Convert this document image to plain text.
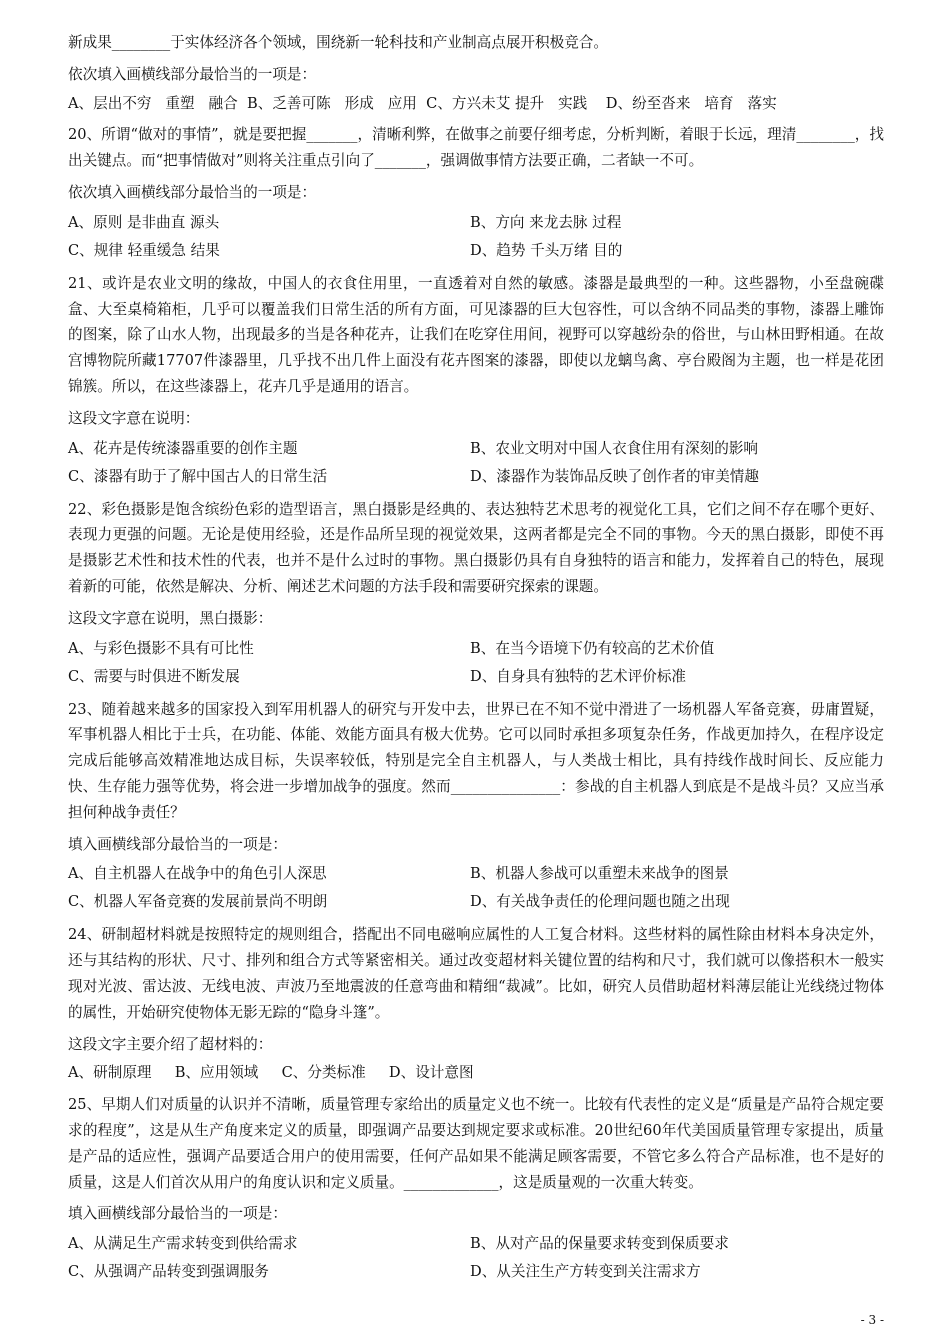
新成果________于实体经济各个领域，围绕新一轮科技和产业制高点展开积极竞合。

依次填入画横线部分最恰当的一项是：

A、层出不穷   重塑   融合  B、乏善可陈   形成   应用  C、方兴未艾 提升   实践    D、纷至沓来   培育   落实

20、所谓“做对的事情”，就是要把握_______，清晰利弊，在做事之前要仔细考虑，分析判断，着眼于长远，理清________，找出关键点。而“把事情做对”则将关注重点引向了_______，强调做事情方法要正确，二者缺一不可。

依次填入画横线部分最恰当的一项是：

A、原则 是非曲直 源头	B、方向 来龙去脉 过程
C、规律 轻重缓急 结果	D、趋势 千头万绪 目的

21、或许是农业文明的缘故，中国人的衣食住用里，一直透着对自然的敏感。漆器是最典型的一种。这些器物，小至盘碗碟盒、大至桌椅箱柜，几乎可以覆盖我们日常生活的所有方面，可见漆器的巨大包容性，可以含纳不同品类的事物，漆器上雕饰的图案，除了山水人物，出现最多的当是各种花卉，让我们在吃穿住用间，视野可以穿越纷杂的俗世，与山林田野相通。在故宫博物院所藏17707件漆器里，几乎找不出几件上面没有花卉图案的漆器，即使以龙螭鸟禽、亭台殿阁为主题，也一样是花团锦簇。所以，在这些漆器上，花卉几乎是通用的语言。

这段文字意在说明：

A、花卉是传统漆器重要的创作主题	B、农业文明对中国人衣食住用有深刻的影响
C、漆器有助于了解中国古人的日常生活	D、漆器作为装饰品反映了创作者的审美情趣

22、彩色摄影是饱含缤纷色彩的造型语言，黑白摄影是经典的、表达独特艺术思考的视觉化工具，它们之间不存在哪个更好、表现力更强的问题。无论是使用经验，还是作品所呈现的视觉效果，这两者都是完全不同的事物。今天的黑白摄影，即使不再是摄影艺术性和技术性的代表，也并不是什么过时的事物。黑白摄影仍具有自身独特的语言和能力，发挥着自己的特色，展现着新的可能，依然是解决、分析、阐述艺术问题的方法手段和需要研究探索的课题。

这段文字意在说明，黑白摄影：

A、与彩色摄影不具有可比性	B、在当今语境下仍有较高的艺术价值
C、需要与时俱进不断发展	D、自身具有独特的艺术评价标准

23、随着越来越多的国家投入到军用机器人的研究与开发中去，世界已在不知不觉中滑进了一场机器人军备竞赛，毋庸置疑，军事机器人相比于士兵，在功能、体能、效能方面具有极大优势。它可以同时承担多项复杂任务，作战更加持久，在程序设定完成后能够高效精准地达成目标，失误率较低，特别是完全自主机器人，与人类战士相比，具有持线作战时间长、反应能力快、生存能力强等优势，将会进一步增加战争的强度。然而_______________：参战的自主机器人到底是不是战斗员？又应当承担何种战争责任？

填入画横线部分最恰当的一项是：

A、自主机器人在战争中的角色引人深思	B、机器人参战可以重塑未来战争的图景
C、机器人军备竞赛的发展前景尚不明朗	D、有关战争责任的伦理问题也随之出现

24、研制超材料就是按照特定的规则组合，搭配出不同电磁响应属性的人工复合材料。这些材料的属性除由材料本身决定外，还与其结构的形状、尺寸、排列和组合方式等紧密相关。通过改变超材料关键位置的结构和尺寸，我们就可以像搭积木一般实现对光波、雷达波、无线电波、声波乃至地震波的任意弯曲和精细“裁减”。比如，研究人员借助超材料薄层能让光线绕过物体的属性，开始研究使物体无影无踪的“隐身斗篷”。

这段文字主要介绍了超材料的：

A、研制原理     B、应用领域     C、分类标准     D、设计意图

25、早期人们对质量的认识并不清晰，质量管理专家给出的质量定义也不统一。比较有代表性的定义是“质量是产品符合规定要求的程度”，这是从生产角度来定义的质量，即强调产品要达到规定要求或标准。20世纪60年代美国质量管理专家提出，质量是产品的适应性，强调产品要适合用户的使用需要，任何产品如果不能满足顾客需要，不管它多么符合产品标准，也不是好的质量，这是人们首次从用户的角度认识和定义质量。_____________，这是质量观的一次重大转变。

填入画横线部分最恰当的一项是：

A、从满足生产需求转变到供给需求	B、从对产品的保量要求转变到保质要求
C、从强调产品转变到强调服务	D、从关注生产方转变到关注需求方
- 3 -
